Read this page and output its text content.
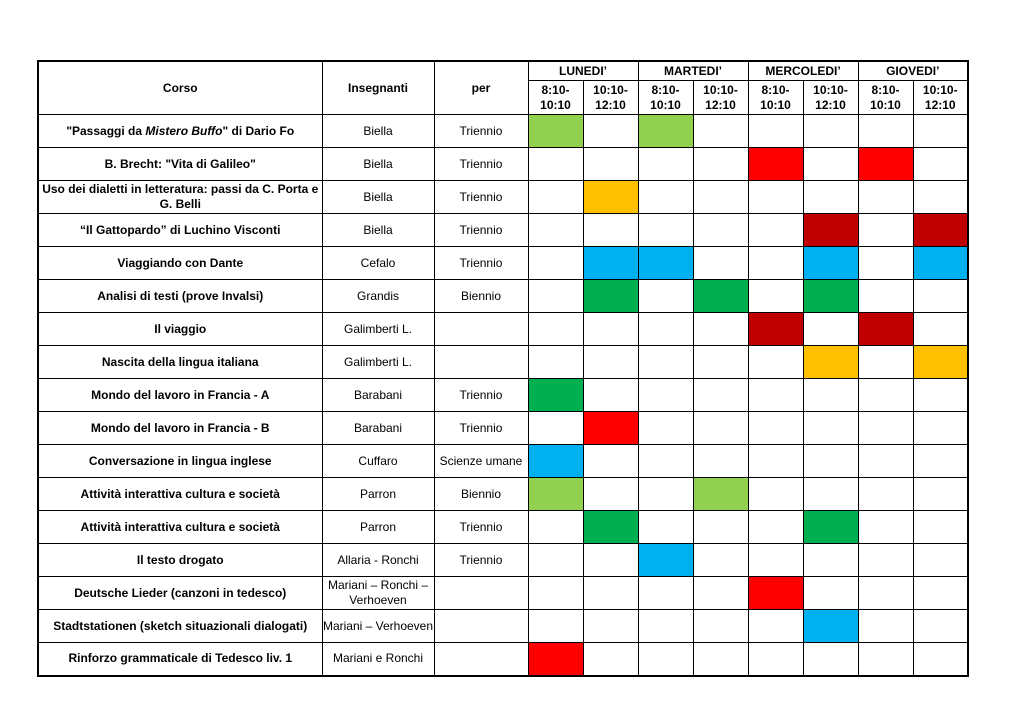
Corso	Insegnanti	per	LUNEDI’		MARTEDI’		MERCOLEDI’		GIOVEDI’	
			8:10-10:10	10:10-12:10	8:10-10:10	10:10-12:10	8:10-10:10	10:10-12:10	8:10-10:10	10:10-12:10
"Passaggi da Mistero Buffo" di Dario Fo	Biella	Triennio								
B. Brecht: "Vita di Galileo"	Biella	Triennio								
Uso dei dialetti in letteratura: passi da C. Porta e G. Belli	Biella	Triennio								
“Il Gattopardo” di Luchino Visconti	Biella	Triennio								
Viaggiando con Dante	Cefalo	Triennio								
Analisi di testi (prove Invalsi)	Grandis	Biennio								
Il viaggio	Galimberti L.									
Nascita della lingua italiana	Galimberti L.									
Mondo del lavoro in Francia - A	Barabani	Triennio								
Mondo del lavoro in Francia - B	Barabani	Triennio								
Conversazione in lingua inglese	Cuffaro	Scienze umane								
Attività interattiva cultura e società	Parron	Biennio								
Attività interattiva cultura e società	Parron	Triennio								
Il testo drogato	Allaria - Ronchi	Triennio								
Deutsche Lieder (canzoni in tedesco)	Mariani – Ronchi – Verhoeven									
Stadtstationen (sketch situazionali dialogati)	Mariani – Verhoeven									
Rinforzo grammaticale di Tedesco liv. 1	Mariani e Ronchi									
